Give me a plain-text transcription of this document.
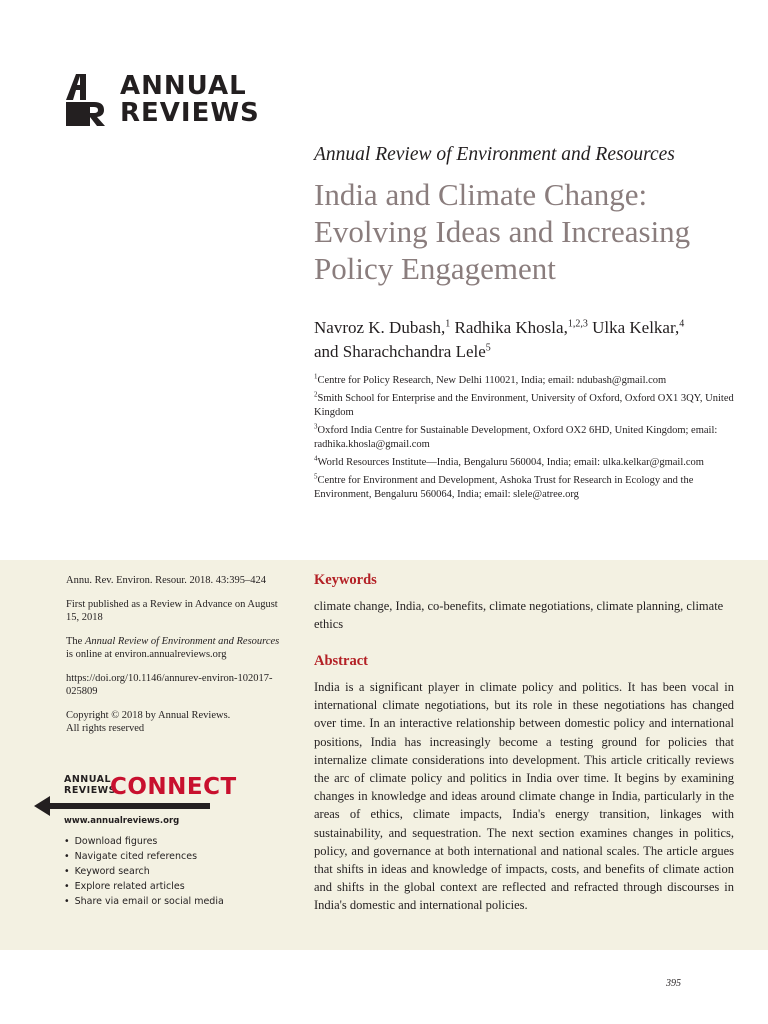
ANNUAL
REVIEWS
Annual Review of Environment and Resources
India and Climate Change: Evolving Ideas and Increasing Policy Engagement
Navroz K. Dubash,$^1$ Radhika Khosla,$^{1,2,3}$ Ulka Kelkar,$^4$
and Sharachchandra Lele$^5$

$^1$Centre for Policy Research, New Delhi 110021, India; email: ndubash@gmail.com

$^2$Smith School for Enterprise and the Environment, University of Oxford, Oxford OX1 3QY, United Kingdom

$^3$Oxford India Centre for Sustainable Development, Oxford OX2 6HD, United Kingdom; email: radhika.khosla@gmail.com

$^4$World Resources Institute—India, Bengaluru 560004, India; email: ulka.kelkar@gmail.com

$^5$Centre for Environment and Development, Ashoka Trust for Research in Ecology and the Environment, Bengaluru 560064, India; email: slele@atree.org

Annu. Rev. Environ. Resour. 2018. 43:395–424

First published as a Review in Advance on August 15, 2018

The Annual Review of Environment and Resources is online at environ.annualreviews.org

https://doi.org/10.1146/annurev-environ-102017-025809

Copyright © 2018 by Annual Reviews.
All rights reserved

ANNUAL
REVIEWS
CONNECT
www.annualreviews.org
• Download figures
• Navigate cited references
• Keyword search
• Explore related articles
• Share via email or social media
Keywords

climate change, India, co-benefits, climate negotiations, climate planning, climate ethics

Abstract

India is a significant player in climate policy and politics. It has been vocal in international climate negotiations, but its role in these negotiations has changed over time. In an interactive relationship between domestic policy and international positions, India has increasingly become a testing ground for policies that internalize climate considerations into development. This article critically reviews the arc of climate policy and politics in India over time. It begins by examining changes in knowledge and ideas around climate change in India, particularly in the areas of ethics, climate impacts, India's energy transition, linkages with sustainability, and sequestration. The next section examines changes in politics, policy, and governance at both international and national scales. The article argues that shifts in ideas and knowledge of impacts, costs, and benefits of climate action and shifts in the global context are reflected and refracted through discourses in India's domestic and international policies.

395
